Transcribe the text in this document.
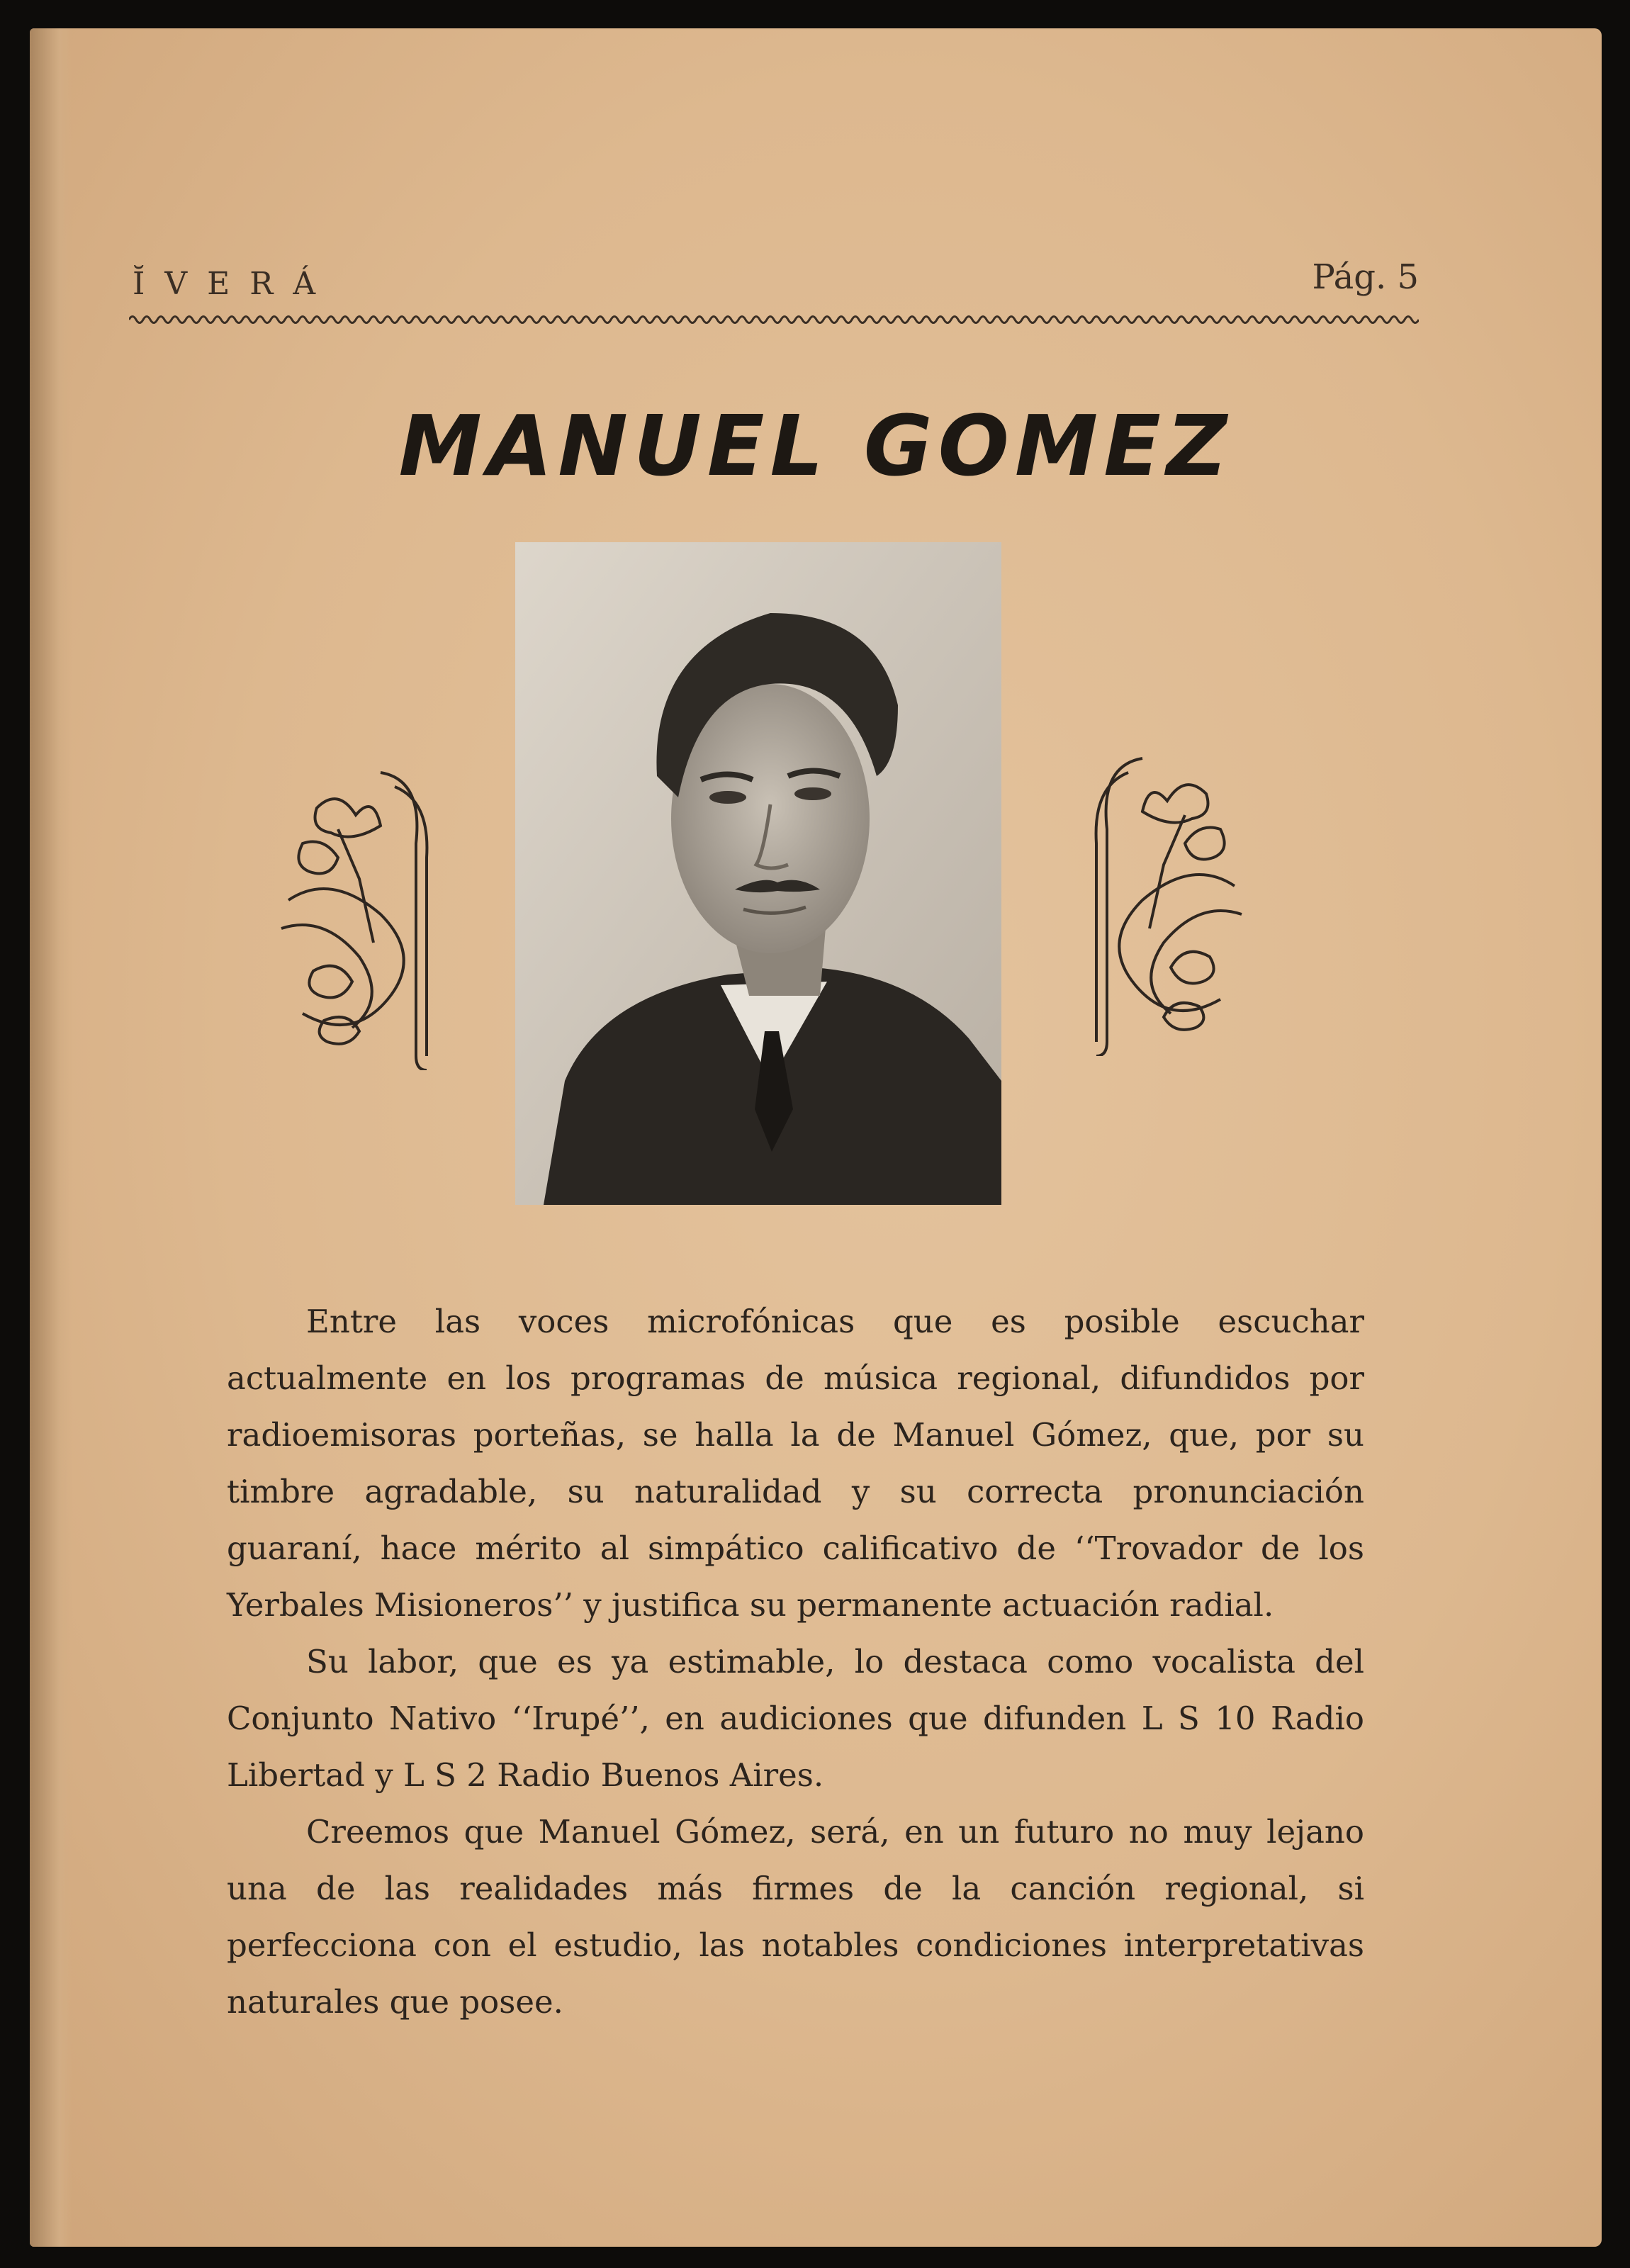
ĬVERÁ	Pág. 5
MANUEL GOMEZ

Entre las voces microfónicas que es posible escuchar actualmente en los programas de música regional, difundidos por radioemisoras porteñas, se halla la de Manuel Gómez, que, por su timbre agradable, su naturalidad y su correcta pronunciación guaraní, hace mérito al simpático calificativo de ‘‘Trovador de los Yerbales Misioneros’’ y justifica su permanente actuación radial.

Su labor, que es ya estimable, lo destaca como vocalista del Conjunto Nativo ‘‘Irupé’’, en audiciones que difunden L S 10 Radio Libertad y L S 2 Radio Buenos Aires.

Creemos que Manuel Gómez, será, en un futuro no muy lejano una de las realidades más firmes de la canción regional, si perfecciona con el estudio, las notables condiciones interpretativas naturales que posee.
